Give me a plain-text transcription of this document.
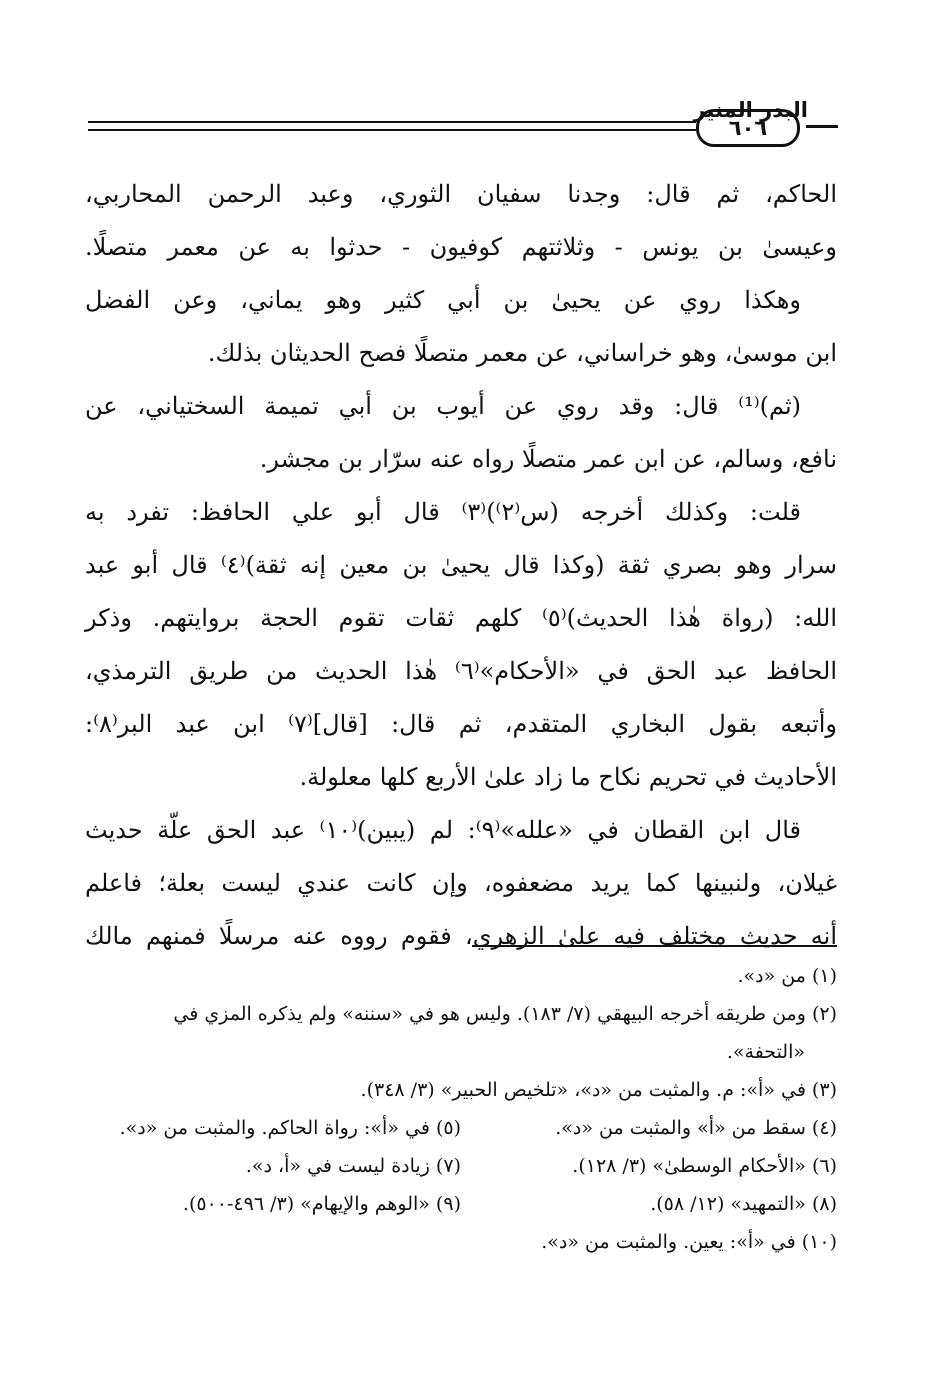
البدر المنير
٦٠٦
الحاكم، ثم قال: وجدنا سفيان الثوري، وعبد الرحمن المحاربي،
وعيسىٰ بن يونس - وثلاثتهم كوفيون - حدثوا به عن معمر متصلًا.
وهكذا روي عن يحيىٰ بن أبي كثير وهو يماني، وعن الفضل
ابن موسىٰ، وهو خراساني، عن معمر متصلًا فصح الحديثان بذلك.
(ثم)⁽¹⁾ قال: وقد روي عن أيوب بن أبي تميمة السختياني، عن
نافع، وسالم، عن ابن عمر متصلًا رواه عنه سرّار بن مجشر.
قلت: وكذلك أخرجه (س⁽٢⁾)⁽٣⁾ قال أبو علي الحافظ: تفرد به
سرار وهو بصري ثقة (وكذا قال يحيىٰ بن معين إنه ثقة)⁽٤⁾ قال أبو عبد
الله: (رواة هٰذا الحديث)⁽٥⁾ كلهم ثقات تقوم الحجة بروايتهم. وذكر
الحافظ عبد الحق في «الأحكام»⁽٦⁾ هٰذا الحديث من طريق الترمذي،
وأتبعه بقول البخاري المتقدم، ثم قال: [قال]⁽٧⁾ ابن عبد البر⁽٨⁾:
الأحاديث في تحريم نكاح ما زاد علىٰ الأربع كلها معلولة.
قال ابن القطان في «علله»⁽٩⁾: لم (يبين)⁽١٠⁾ عبد الحق علّة حديث
غيلان، ولنبينها كما يريد مضعفوه، وإن كانت عندي ليست بعلة؛ فاعلم
أنه حديث مختلف فيه علىٰ الزهري، فقوم رووه عنه مرسلًا فمنهم مالك
(١) من «د».
(٢) ومن طريقه أخرجه البيهقي (٧/ ١٨٣). وليس هو في «سننه» ولم يذكره المزي في
«التحفة».
(٣) في «أ»: م. والمثبت من «د»، «تلخيص الحبير» (٣/ ٣٤٨).
(٤) سقط من «أ» والمثبت من «د».
(٥) في «أ»: رواة الحاكم. والمثبت من «د».
(٦) «الأحكام الوسطىٰ» (٣/ ١٢٨).
(٧) زيادة ليست في «أ، د».
(٨) «التمهيد» (١٢/ ٥٨).
(٩) «الوهم والإيهام» (٣/ ٤٩٦-٥٠٠).
(١٠) في «أ»: يعين. والمثبت من «د».
